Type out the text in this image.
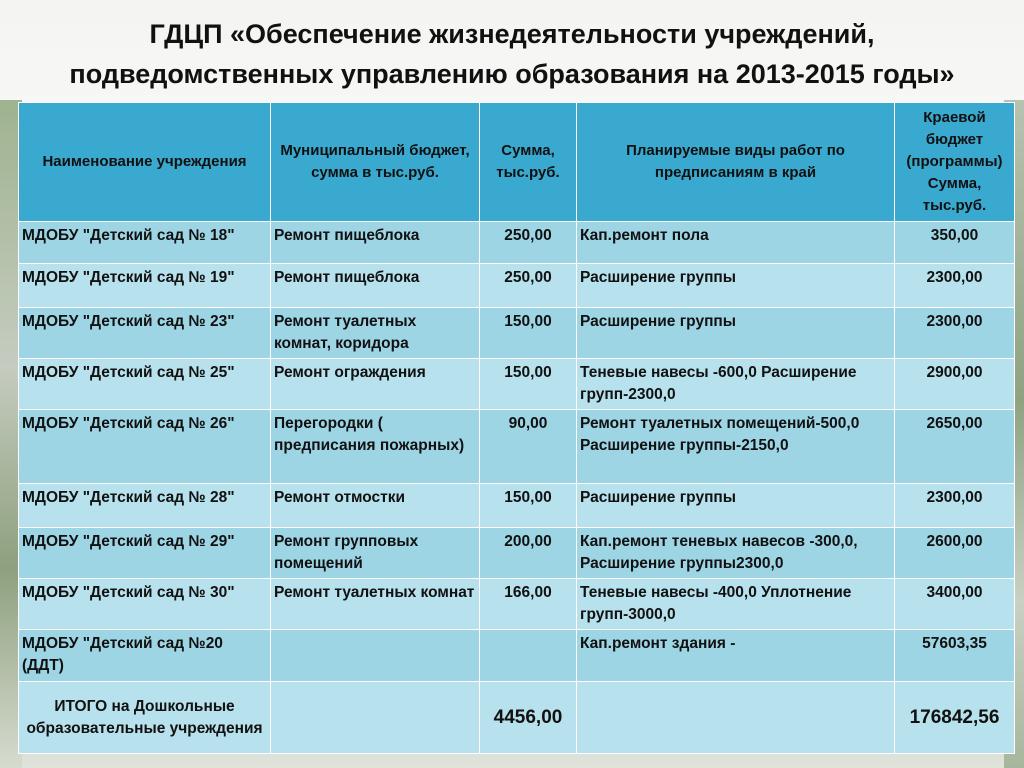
ГДЦП «Обеспечение жизнедеятельности учреждений,
подведомственных управлению образования на 2013-2015 годы»
Наименование учреждения	Муниципальный бюджет, сумма в тыс.руб.	Сумма, тыс.руб.	Планируемые виды работ по предписаниям в край	Краевой бюджет (программы) Сумма, тыс.руб.
МДОБУ "Детский сад № 18"	Ремонт пищеблока	250,00	Кап.ремонт пола	350,00
МДОБУ "Детский сад № 19"	Ремонт пищеблока	250,00	Расширение группы	2300,00
МДОБУ "Детский сад № 23"	Ремонт туалетных комнат, коридора	150,00	Расширение группы	2300,00
МДОБУ "Детский сад № 25"	Ремонт ограждения	150,00	Теневые навесы -600,0 Расширение групп-2300,0	2900,00
МДОБУ "Детский сад № 26"	Перегородки ( предписания пожарных)	90,00	Ремонт туалетных помещений-500,0 Расширение группы-2150,0	2650,00
МДОБУ "Детский сад № 28"	Ремонт отмостки	150,00	Расширение группы	2300,00
МДОБУ "Детский сад № 29"	Ремонт групповых помещений	200,00	Кап.ремонт теневых навесов -300,0, Расширение группы2300,0	2600,00
МДОБУ "Детский сад № 30"	Ремонт туалетных комнат	166,00	Теневые навесы -400,0 Уплотнение групп-3000,0	3400,00
МДОБУ "Детский сад №20 (ДДТ)			Кап.ремонт здания -	57603,35
ИТОГО на Дошкольные образовательные учреждения		4456,00		176842,56
